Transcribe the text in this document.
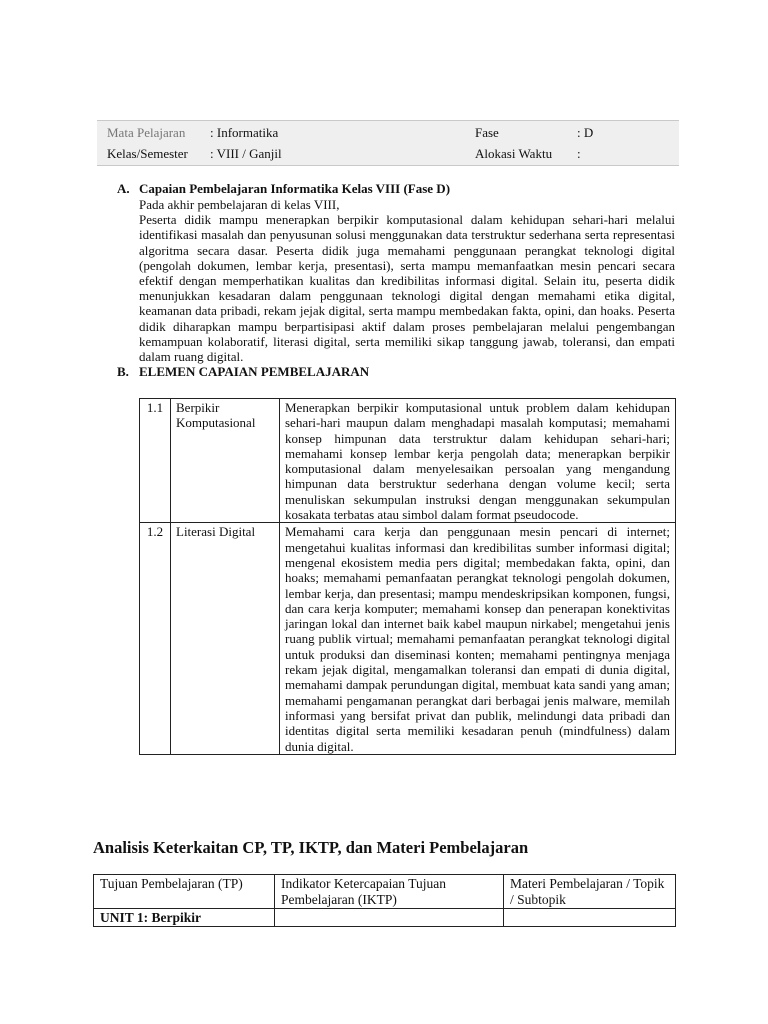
Mata Pelajaran : Informatika	Fase	: D
Kelas/Semester : VIII / Ganjil	Alokasi Waktu :
A. Capaian Pembelajaran Informatika Kelas VIII (Fase D)
Pada akhir pembelajaran di kelas VIII,
Peserta didik mampu menerapkan berpikir komputasional dalam kehidupan sehari-hari melalui identifikasi masalah dan penyusunan solusi menggunakan data terstruktur sederhana serta representasi algoritma secara dasar. Peserta didik juga memahami penggunaan perangkat teknologi digital (pengolah dokumen, lembar kerja, presentasi), serta mampu memanfaatkan mesin pencari secara efektif dengan memperhatikan kualitas dan kredibilitas informasi digital. Selain itu, peserta didik menunjukkan kesadaran dalam penggunaan teknologi digital dengan memahami etika digital, keamanan data pribadi, rekam jejak digital, serta mampu membedakan fakta, opini, dan hoaks. Peserta didik diharapkan mampu berpartisipasi aktif dalam proses pembelajaran melalui pengembangan kemampuan kolaboratif, literasi digital, serta memiliki sikap tanggung jawab, toleransi, dan empati dalam ruang digital.
B. ELEMEN CAPAIAN PEMBELAJARAN
1.1	Berpikir Komputasional	Menerapkan berpikir komputasional untuk problem dalam kehidupan sehari-hari maupun dalam menghadapi masalah komputasi; memahami konsep himpunan data terstruktur dalam kehidupan sehari-hari; memahami konsep lembar kerja pengolah data; menerapkan berpikir komputasional dalam menyelesaikan persoalan yang mengandung himpunan data berstruktur sederhana dengan volume kecil; serta menuliskan sekumpulan instruksi dengan menggunakan sekumpulan kosakata terbatas atau simbol dalam format pseudocode.
1.2	Literasi Digital	Memahami cara kerja dan penggunaan mesin pencari di internet; mengetahui kualitas informasi dan kredibilitas sumber informasi digital; mengenal ekosistem media pers digital; membedakan fakta, opini, dan hoaks; memahami pemanfaatan perangkat teknologi pengolah dokumen, lembar kerja, dan presentasi; mampu mendeskripsikan komponen, fungsi, dan cara kerja komputer; memahami konsep dan penerapan konektivitas jaringan lokal dan internet baik kabel maupun nirkabel; mengetahui jenis ruang publik virtual; memahami pemanfaatan perangkat teknologi digital untuk produksi dan diseminasi konten; memahami pentingnya menjaga rekam jejak digital, mengamalkan toleransi dan empati di dunia digital, memahami dampak perundungan digital, membuat kata sandi yang aman; memahami pengamanan perangkat dari berbagai jenis malware, memilah informasi yang bersifat privat dan publik, melindungi data pribadi dan identitas digital serta memiliki kesadaran penuh (mindfulness) dalam dunia digital.
Analisis Keterkaitan CP, TP, IKTP, dan Materi Pembelajaran
Tujuan Pembelajaran (TP)	Indikator Ketercapaian Tujuan Pembelajaran (IKTP)	Materi Pembelajaran / Topik / Subtopik
UNIT 1: Berpikir		
